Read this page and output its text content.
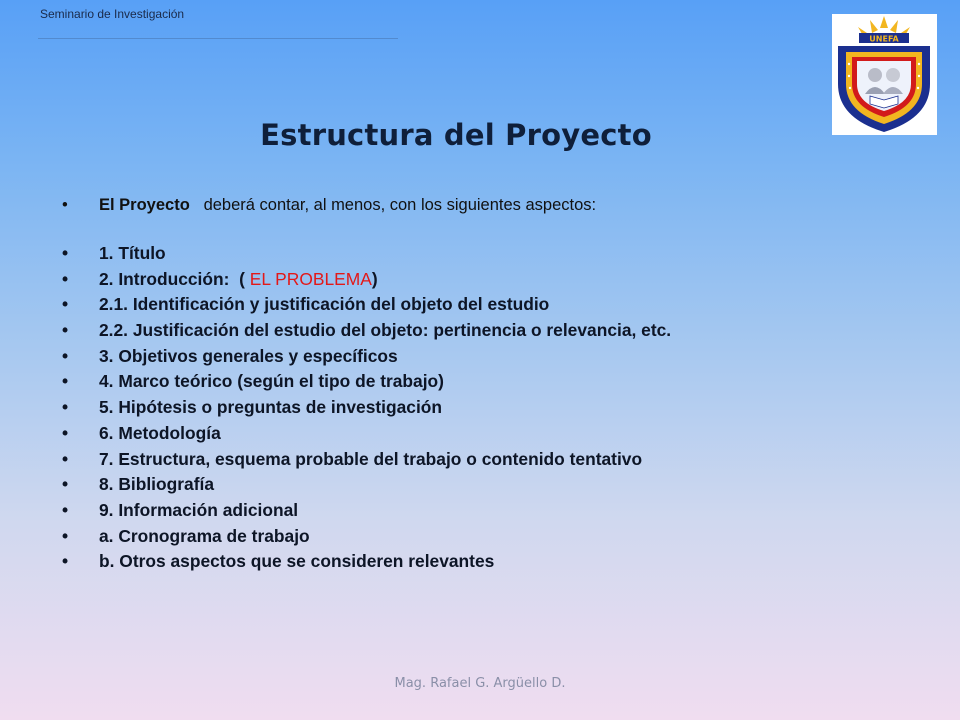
Seminario de Investigación
UNEFA
Estructura del Proyecto
• El Proyecto deberá contar, al menos, con los siguientes aspectos:
• 1. Título
• 2. Introducción:  ( EL PROBLEMA)
• 2.1. Identificación y justificación del objeto del estudio
• 2.2. Justificación del estudio del objeto: pertinencia o relevancia, etc.
• 3. Objetivos generales y específicos
• 4. Marco teórico (según el tipo de trabajo)
• 5. Hipótesis o preguntas de investigación
• 6. Metodología
• 7. Estructura, esquema probable del trabajo o contenido tentativo
• 8. Bibliografía
• 9. Información adicional
• a. Cronograma de trabajo
• b. Otros aspectos que se consideren relevantes
Mag. Rafael G. Argüello D.
